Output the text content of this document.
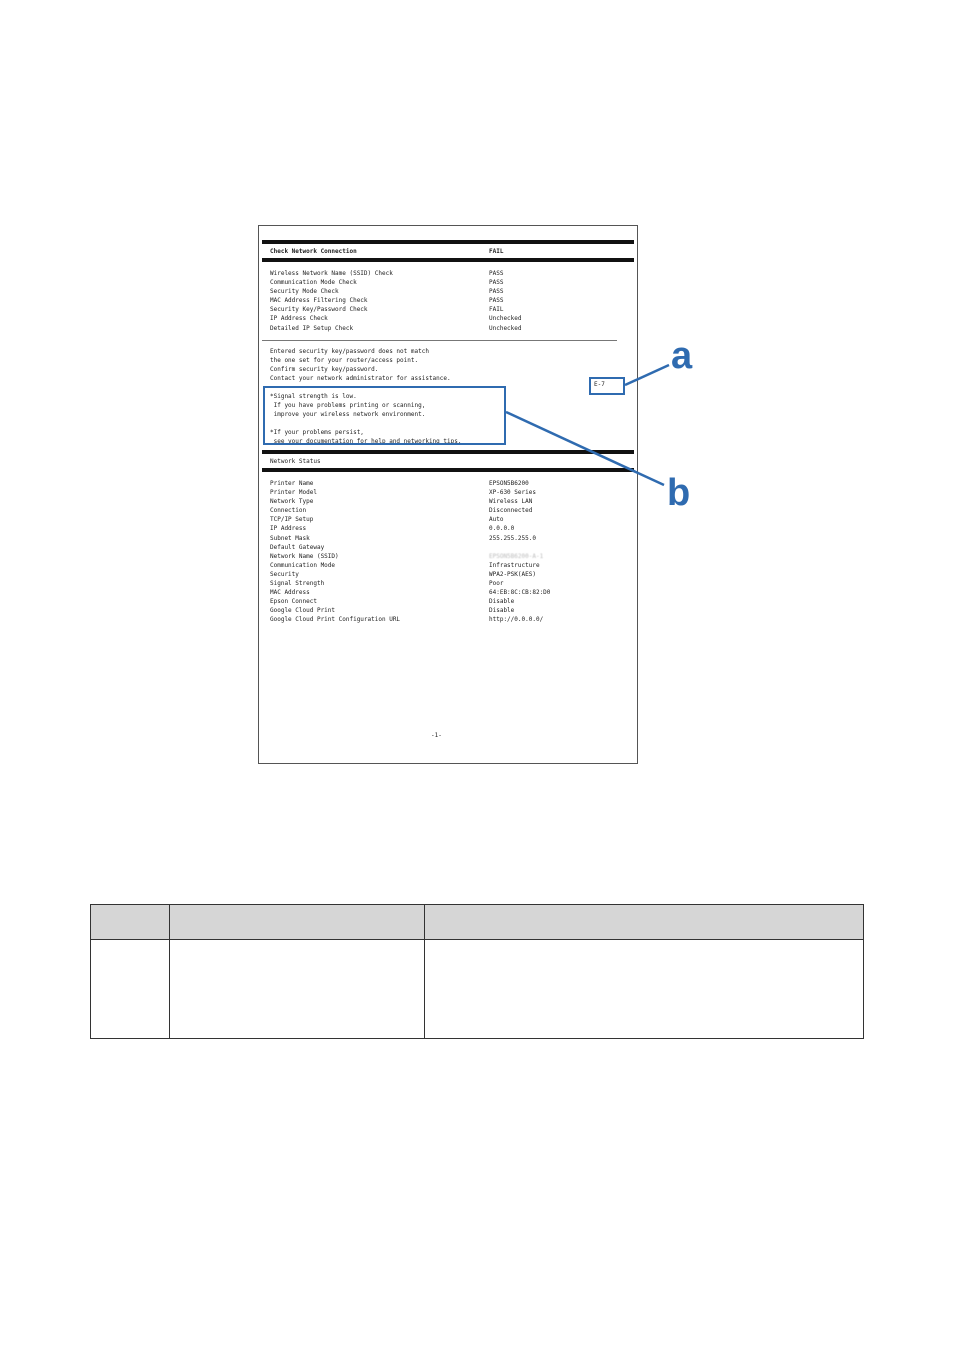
Check Network Connection	FAIL
Wireless Network Name (SSID) Check	PASS
Communication Mode Check	PASS
Security Mode Check	PASS
MAC Address Filtering Check	PASS
Security Key/Password Check	FAIL
IP Address Check	Unchecked
Detailed IP Setup Check	Unchecked
Entered security key/password does not match
the one set for your router/access point.
Confirm security key/password.
Contact your network administrator for assistance.
*Signal strength is low.
If you have problems printing or scanning,
improve your wireless network environment.
*If your problems persist,
see your documentation for help and networking tips.
Network Status
Printer Name	EPSON5B6200
Printer Model	XP-630 Series
Network Type	Wireless LAN
Connection	Disconnected
TCP/IP Setup	Auto
IP Address	0.0.0.0
Subnet Mask	255.255.255.0
Default Gateway
Network Name (SSID)	EPSON5B6200-A-1
Communication Mode	Infrastructure
Security	WPA2-PSK(AES)
Signal Strength	Poor
MAC Address	64:EB:8C:CB:82:D0
Epson Connect	Disable
Google Cloud Print	Disable
Google Cloud Print Configuration URL	http://0.0.0.0/
-1-
E-7
a
b
